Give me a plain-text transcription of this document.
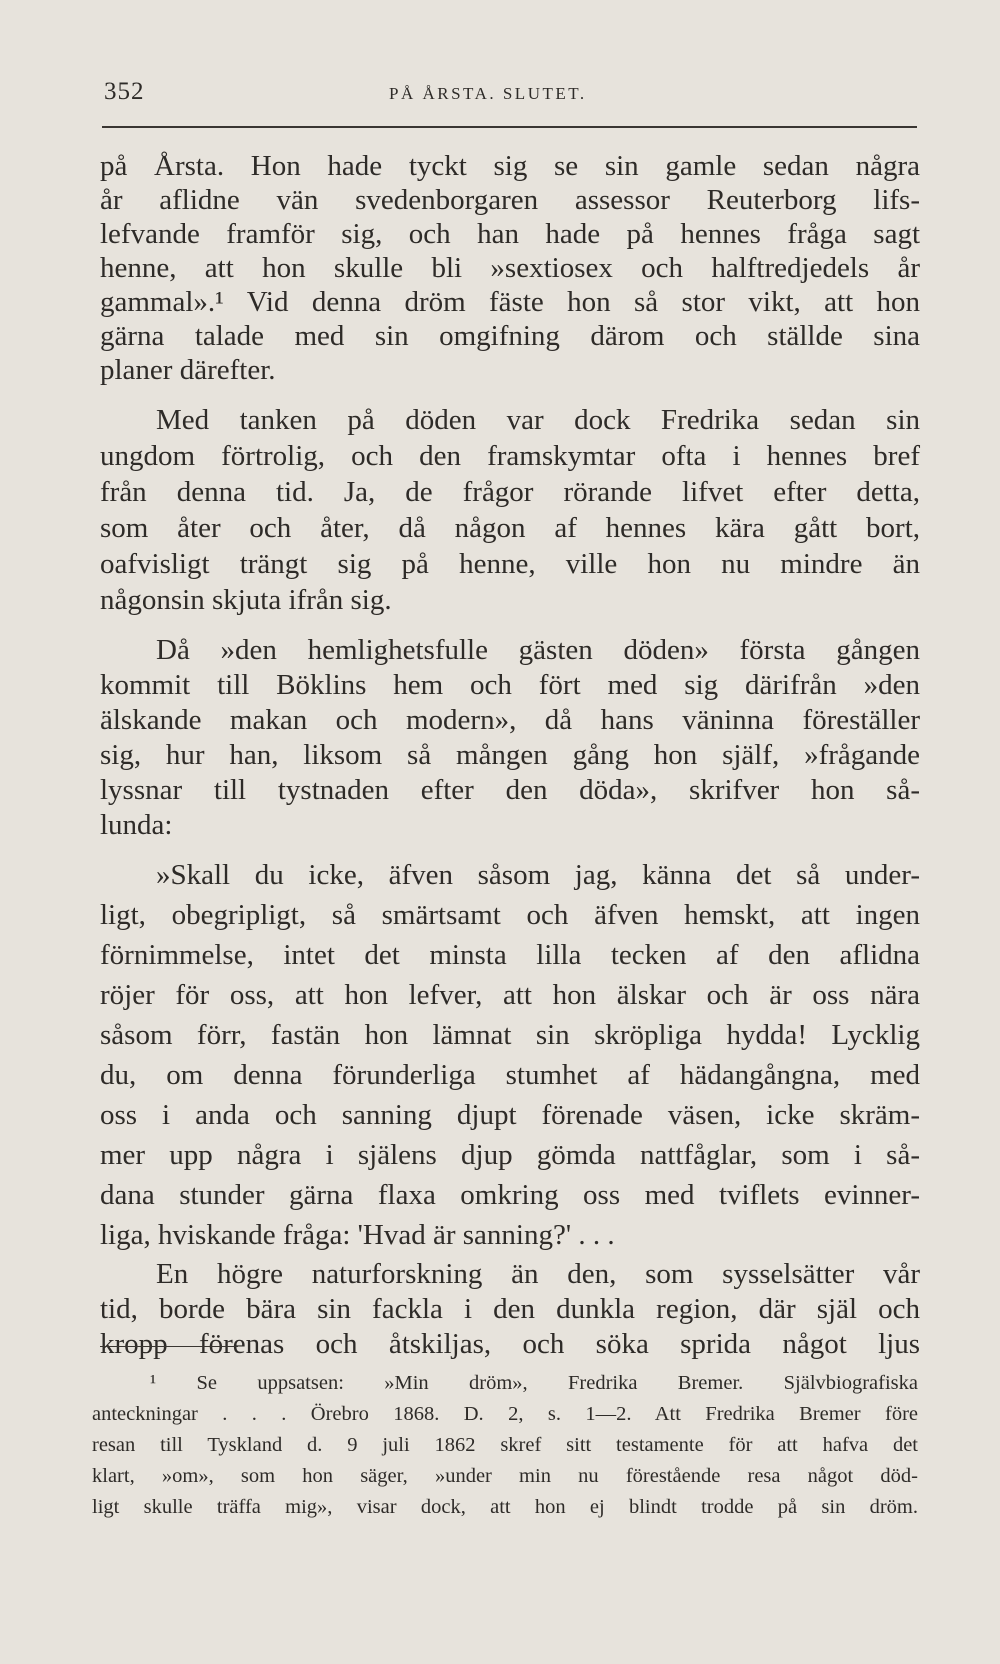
352	PÅ ÅRSTA. SLUTET.
på Årsta. Hon hade tyckt sig se sin gamle sedan några
år aflidne vän svedenborgaren assessor Reuterborg lifs-
lefvande framför sig, och han hade på hennes fråga sagt
henne, att hon skulle bli »sextiosex och halftredjedels år
gammal».¹ Vid denna dröm fäste hon så stor vikt, att hon
gärna talade med sin omgifning därom och ställde sina
planer därefter.
Med tanken på döden var dock Fredrika sedan sin
ungdom förtrolig, och den framskymtar ofta i hennes bref
från denna tid. Ja, de frågor rörande lifvet efter detta,
som åter och åter, då någon af hennes kära gått bort,
oafvisligt trängt sig på henne, ville hon nu mindre än
någonsin skjuta ifrån sig.
Då »den hemlighetsfulle gästen döden» första gången
kommit till Böklins hem och fört med sig därifrån »den
älskande makan och modern», då hans väninna föreställer
sig, hur han, liksom så mången gång hon själf, »frågande
lyssnar till tystnaden efter den döda», skrifver hon så-
lunda:
»Skall du icke, äfven såsom jag, känna det så under-
ligt, obegripligt, så smärtsamt och äfven hemskt, att ingen
förnimmelse, intet det minsta lilla tecken af den aflidna
röjer för oss, att hon lefver, att hon älskar och är oss nära
såsom förr, fastän hon lämnat sin skröpliga hydda! Lycklig
du, om denna förunderliga stumhet af hädangångna, med
oss i anda och sanning djupt förenade väsen, icke skräm-
mer upp några i själens djup gömda nattfåglar, som i så-
dana stunder gärna flaxa omkring oss med tviflets evinner-
liga, hviskande fråga: 'Hvad är sanning?' . . .
En högre naturforskning än den, som sysselsätter vår
tid, borde bära sin fackla i den dunkla region, där själ och
kropp förenas och åtskiljas, och söka sprida något ljus
¹ Se uppsatsen: »Min dröm», Fredrika Bremer. Självbiografiska
anteckningar . . . Örebro 1868. D. 2, s. 1—2. Att Fredrika Bremer före
resan till Tyskland d. 9 juli 1862 skref sitt testamente för att hafva det
klart, »om», som hon säger, »under min nu förestående resa något död-
ligt skulle träffa mig», visar dock, att hon ej blindt trodde på sin dröm.
